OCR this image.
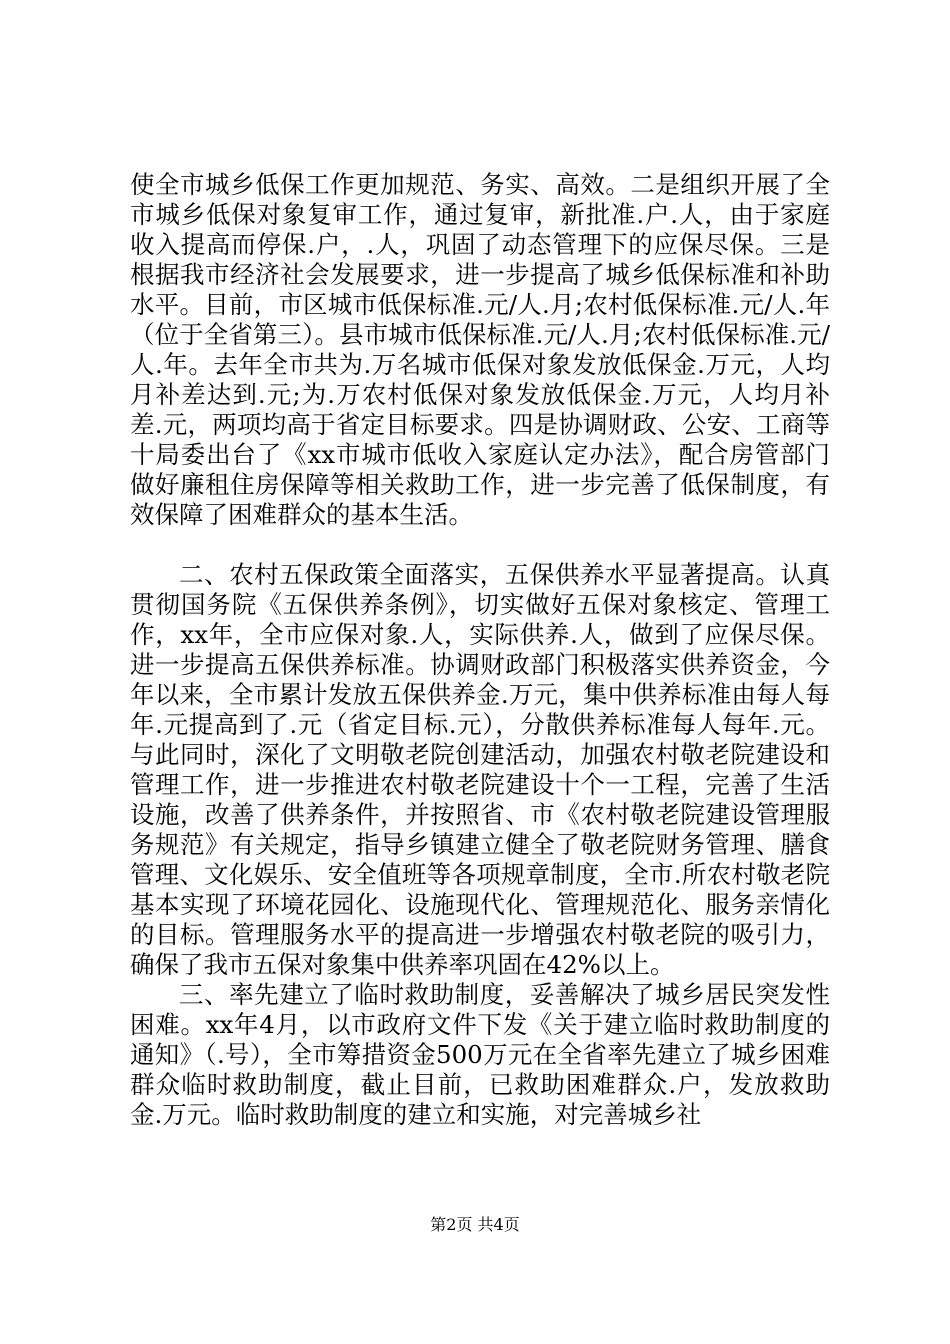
使全市城乡低保工作更加规范、务实、高效。二是组织开展了全市城乡低保对象复审工作，通过复审，新批准.户.人，由于家庭收入提高而停保.户，.人，巩固了动态管理下的应保尽保。三是根据我市经济社会发展要求，进一步提高了城乡低保标准和补助水平。目前，市区城市低保标准.元/人.月;农村低保标准.元/人.年（位于全省第三）。县市城市低保标准.元/人.月;农村低保标准.元/人.年。去年全市共为.万名城市低保对象发放低保金.万元，人均月补差达到.元;为.万农村低保对象发放低保金.万元，人均月补差.元，两项均高于省定目标要求。四是协调财政、公安、工商等十局委出台了《xx市城市低收入家庭认定办法》，配合房管部门做好廉租住房保障等相关救助工作，进一步完善了低保制度，有效保障了困难群众的基本生活。

二、农村五保政策全面落实，五保供养水平显著提高。认真贯彻国务院《五保供养条例》，切实做好五保对象核定、管理工作，xx年，全市应保对象.人，实际供养.人，做到了应保尽保。进一步提高五保供养标准。协调财政部门积极落实供养资金，今年以来，全市累计发放五保供养金.万元，集中供养标准由每人每年.元提高到了.元（省定目标.元），分散供养标准每人每年.元。与此同时，深化了文明敬老院创建活动，加强农村敬老院建设和管理工作，进一步推进农村敬老院建设十个一工程，完善了生活设施，改善了供养条件，并按照省、市《农村敬老院建设管理服务规范》有关规定，指导乡镇建立健全了敬老院财务管理、膳食管理、文化娱乐、安全值班等各项规章制度，全市.所农村敬老院基本实现了环境花园化、设施现代化、管理规范化、服务亲情化的目标。管理服务水平的提高进一步增强农村敬老院的吸引力，确保了我市五保对象集中供养率巩固在42%以上。

三、率先建立了临时救助制度，妥善解决了城乡居民突发性困难。xx年4月，以市政府文件下发《关于建立临时救助制度的通知》（.号），全市筹措资金500万元在全省率先建立了城乡困难群众临时救助制度，截止目前，已救助困难群众.户，发放救助金.万元。临时救助制度的建立和实施，对完善城乡社

第2页 共4页
